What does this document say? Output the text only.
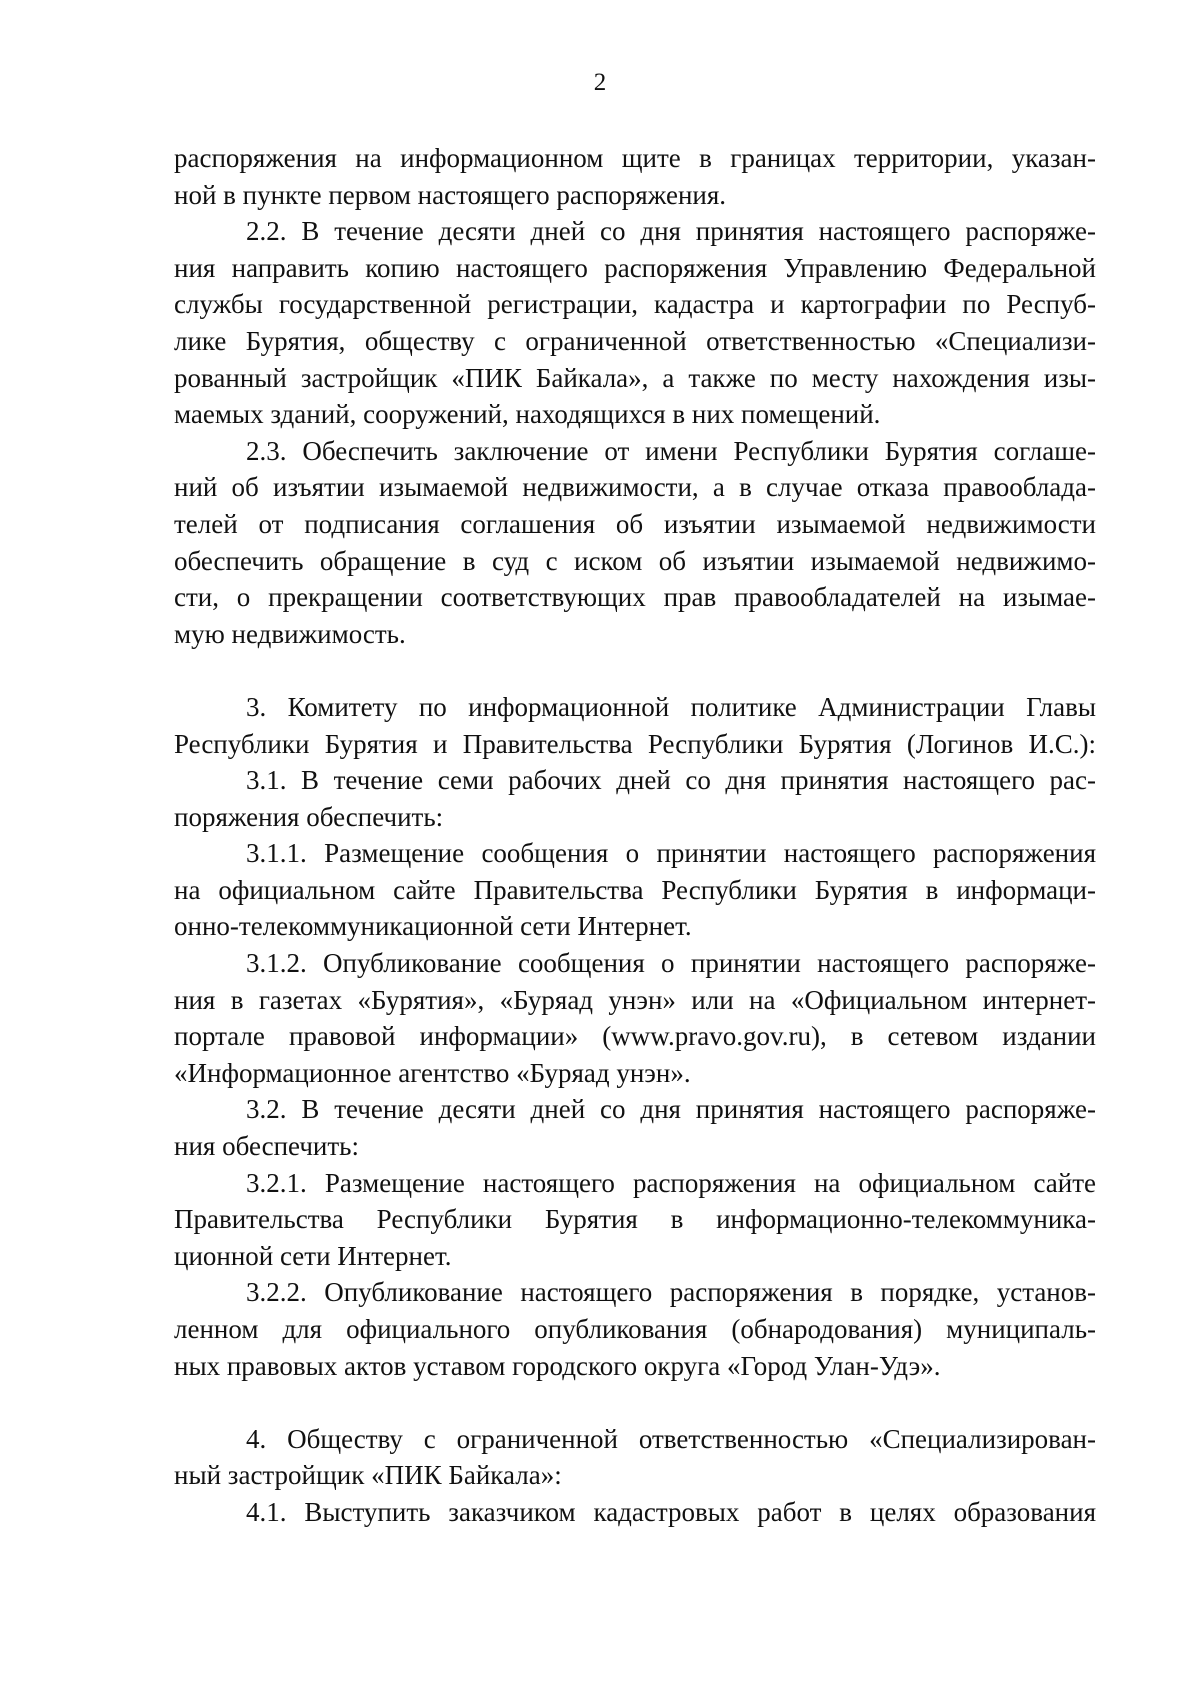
2
распоряжения на информационном щите в границах территории, указан-
ной в пункте первом настоящего распоряжения.
2.2. В течение десяти дней со дня принятия настоящего распоряже-
ния направить копию настоящего распоряжения Управлению Федеральной
службы государственной регистрации, кадастра и картографии по Респуб-
лике Бурятия, обществу с ограниченной ответственностью «Специализи-
рованный застройщик «ПИК Байкала», а также по месту нахождения изы-
маемых зданий, сооружений, находящихся в них помещений.
2.3. Обеспечить заключение от имени Республики Бурятия соглаше-
ний об изъятии изымаемой недвижимости, а в случае отказа правооблада-
телей от подписания соглашения об изъятии изымаемой недвижимости
обеспечить обращение в суд с иском об изъятии изымаемой недвижимо-
сти, о прекращении соответствующих прав правообладателей на изымае-
мую недвижимость.
3. Комитету по информационной политике Администрации Главы
Республики Бурятия и Правительства Республики Бурятия (Логинов И.С.):
3.1. В течение семи рабочих дней со дня принятия настоящего рас-
поряжения обеспечить:
3.1.1. Размещение сообщения о принятии настоящего распоряжения
на официальном сайте Правительства Республики Бурятия в информаци-
онно-телекоммуникационной сети Интернет.
3.1.2. Опубликование сообщения о принятии настоящего распоряже-
ния в газетах «Бурятия», «Буряад унэн» или на «Официальном интернет-
портале правовой информации» (www.pravo.gov.ru), в сетевом издании
«Информационное агентство «Буряад унэн».
3.2. В течение десяти дней со дня принятия настоящего распоряже-
ния обеспечить:
3.2.1. Размещение настоящего распоряжения на официальном сайте
Правительства Республики Бурятия в информационно-телекоммуника-
ционной сети Интернет.
3.2.2. Опубликование настоящего распоряжения в порядке, установ-
ленном для официального опубликования (обнародования) муниципаль-
ных правовых актов уставом городского округа «Город Улан-Удэ».
4. Обществу с ограниченной ответственностью «Специализирован-
ный застройщик «ПИК Байкала»:
4.1. Выступить заказчиком кадастровых работ в целях образования
